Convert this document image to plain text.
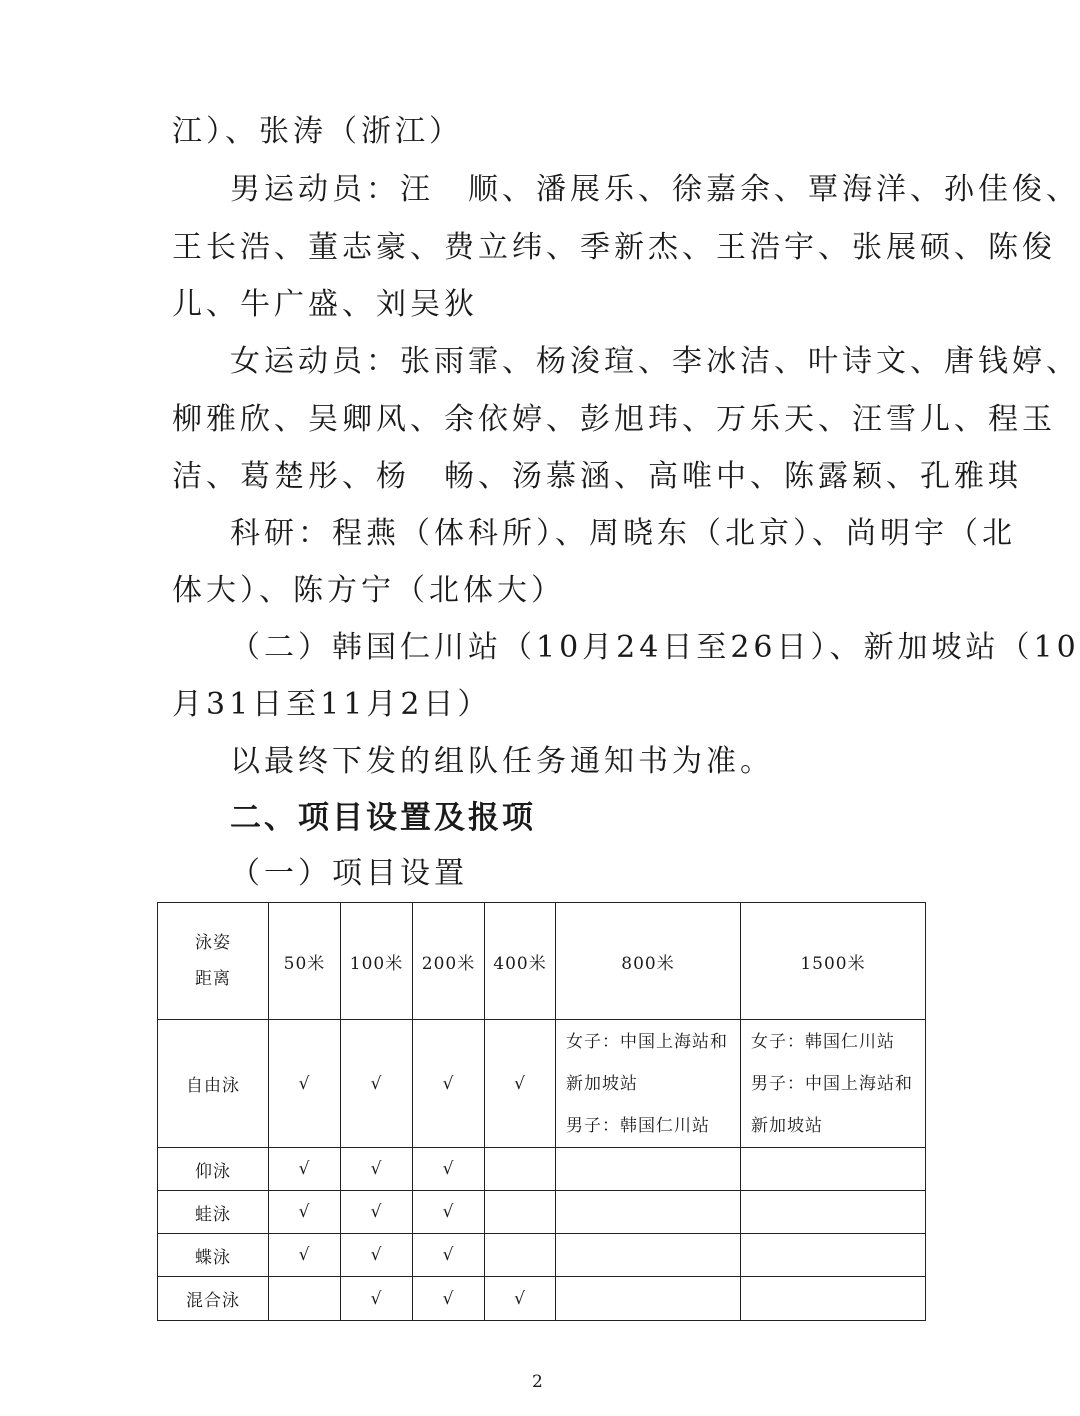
江）、张涛（浙江）
男运动员：汪　顺、潘展乐、徐嘉余、覃海洋、孙佳俊、
王长浩、董志豪、费立纬、季新杰、王浩宇、张展硕、陈俊
儿、牛广盛、刘吴狄
女运动员：张雨霏、杨浚瑄、李冰洁、叶诗文、唐钱婷、
柳雅欣、吴卿风、余依婷、彭旭玮、万乐天、汪雪儿、程玉
洁、葛楚彤、杨　畅、汤慕涵、高唯中、陈露颖、孔雅琪
科研：程燕（体科所）、周晓东（北京）、尚明宇（北
体大）、陈方宁（北体大）
（二）韩国仁川站（10月24日至26日）、新加坡站（10
月31日至11月2日）
以最终下发的组队任务通知书为准。
二、项目设置及报项
（一）项目设置
泳姿
距离	50米	100米	200米	400米	800米	1500米
自由泳	√	√	√	√	女子：中国上海站和
新加坡站
男子：韩国仁川站	女子：韩国仁川站
男子：中国上海站和
新加坡站

仰泳	√	√	√			
蛙泳	√	√	√			
蝶泳	√	√	√			
混合泳		√	√	√		
2
